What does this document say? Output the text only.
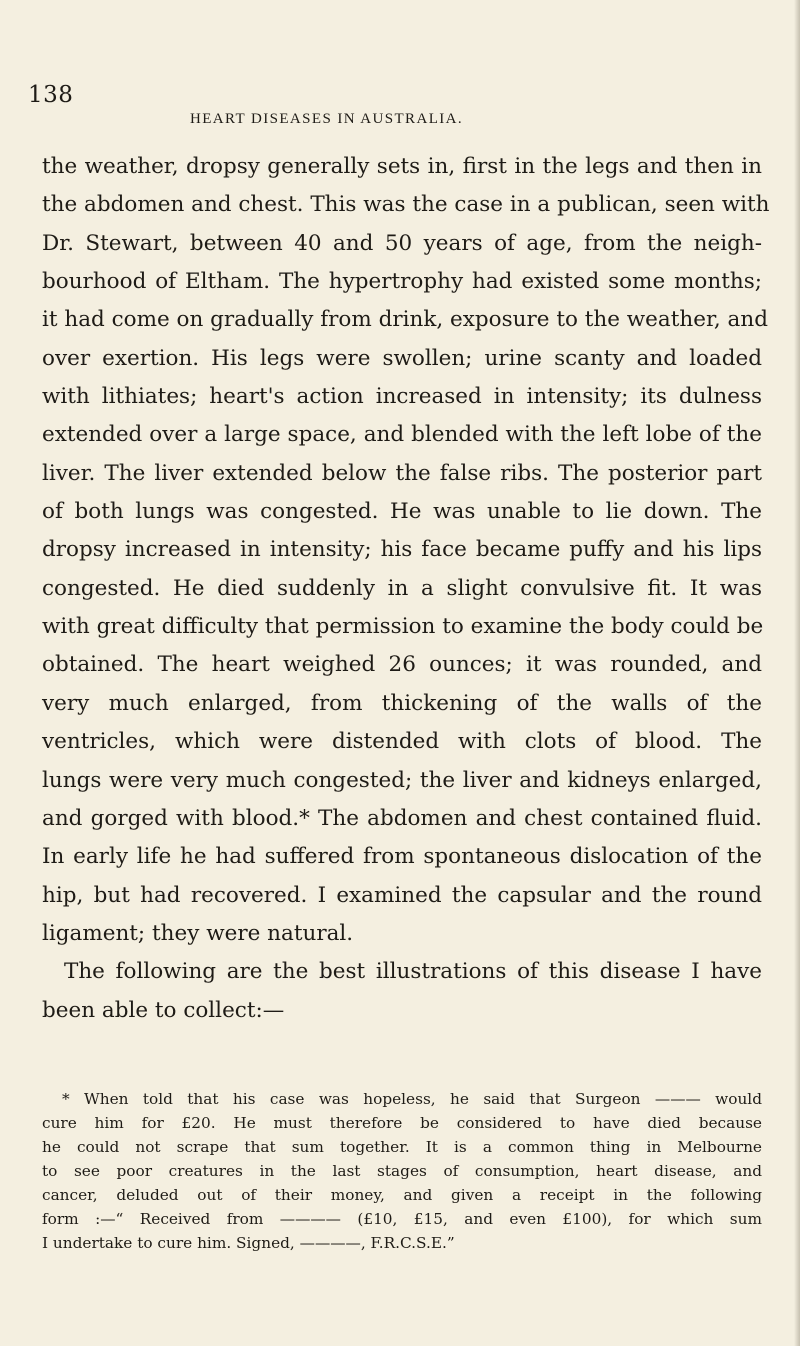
138
HEART DISEASES IN AUSTRALIA.
the weather, dropsy generally sets in, first in the legs and then in
the abdomen and chest. This was the case in a publican, seen with
Dr. Stewart, between 40 and 50 years of age, from the neigh-
bourhood of Eltham. The hypertrophy had existed some months;
it had come on gradually from drink, exposure to the weather, and
over exertion. His legs were swollen; urine scanty and loaded
with lithiates; heart's action increased in intensity; its dulness
extended over a large space, and blended with the left lobe of the
liver. The liver extended below the false ribs. The posterior part
of both lungs was congested. He was unable to lie down. The
dropsy increased in intensity; his face became puffy and his lips
congested. He died suddenly in a slight convulsive fit. It was
with great difficulty that permission to examine the body could be
obtained. The heart weighed 26 ounces; it was rounded, and
very much enlarged, from thickening of the walls of the
ventricles, which were distended with clots of blood. The
lungs were very much congested; the liver and kidneys enlarged,
and gorged with blood.* The abdomen and chest contained fluid.
In early life he had suffered from spontaneous dislocation of the
hip, but had recovered. I examined the capsular and the round
ligament; they were natural.
The following are the best illustrations of this disease I have
been able to collect:—
* When told that his case was hopeless, he said that Surgeon ——— would
cure him for £20. He must therefore be considered to have died because
he could not scrape that sum together. It is a common thing in Melbourne
to see poor creatures in the last stages of consumption, heart disease, and
cancer, deluded out of their money, and given a receipt in the following
form :—“ Received from ———— (£10, £15, and even £100), for which sum
I undertake to cure him. Signed, ————, F.R.C.S.E.”
